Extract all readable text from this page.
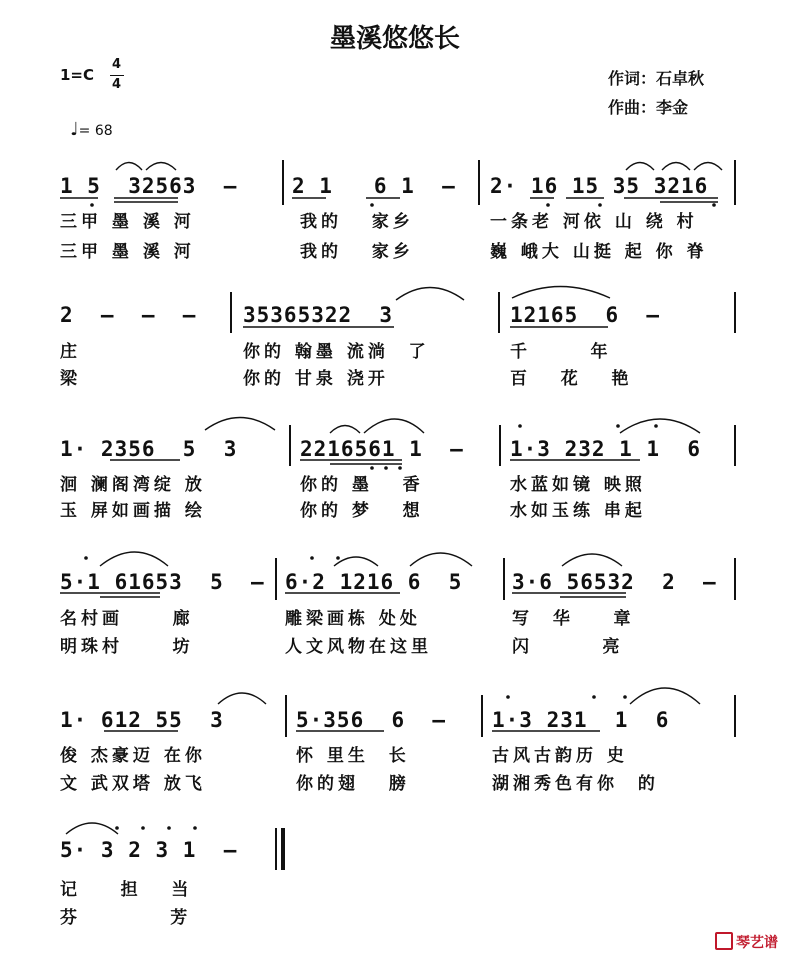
墨溪悠悠长
1=C
4
4

♩= 68

作词：石卓秋
作曲：李金
1 5  32563  –	2 1   6 1  – 2· 16 15 35 3216
三甲 墨 溪 河	我的   家乡	一条老 河依 山 绕 村
三甲 墨 溪 河	我的   家乡	巍 峨大 山挺 起 你 脊
2  –  –  – 35365322  3	12165  6  –
庄	你的 翰墨 流淌  了	千      年
梁	你的 甘泉 浇开	百   花   艳
1· 2356  5  3	2216561 1  – 1·3 232 1 1  6
洄 澜阁湾绽 放	你的 墨   香	水蓝如镜 映照
玉 屏如画描 绘	你的 梦   想	水如玉练 串起
5·1 61653  5  – 6·2 1216 6  5 3·6 56532  2  –
名村画     廊	雕梁画栋 处处	写  华    章
明珠村     坊	人文风物在这里	闪       亮
1· 612 55  3	5·356  6  – 1·3 231  1  6
俊 杰豪迈 在你	怀 里生  长	古风古韵历 史
文 武双塔 放飞	你的翅   膀	湖湘秀色有你  的
5· 3 2 3 1  –
记    担   当
芬         芳

琴艺谱
